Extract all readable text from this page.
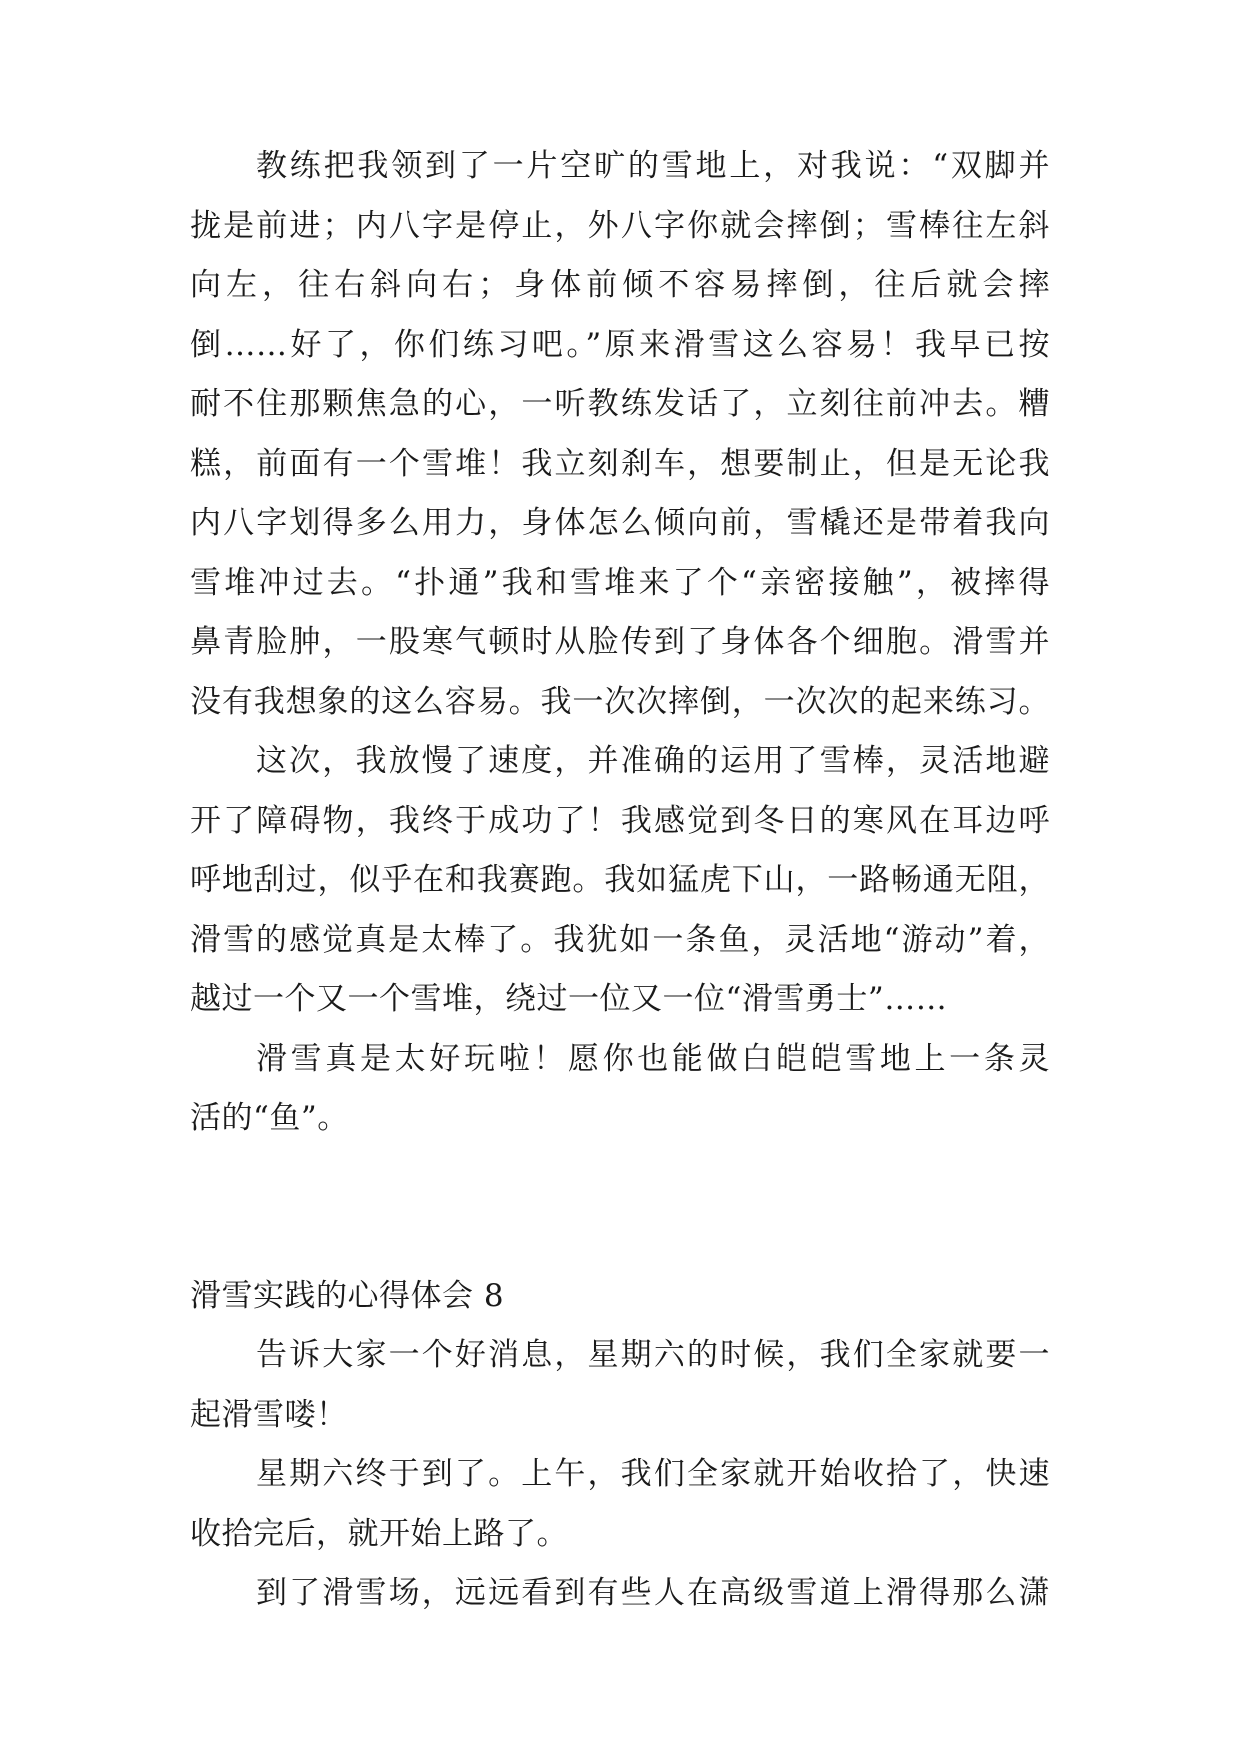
教练把我领到了一片空旷的雪地上，对我说：“双脚并
拢是前进；内八字是停止，外八字你就会摔倒；雪棒往左斜
向左，往右斜向右；身体前倾不容易摔倒，往后就会摔
倒……好了，你们练习吧。”原来滑雪这么容易！我早已按
耐不住那颗焦急的心，一听教练发话了，立刻往前冲去。糟
糕，前面有一个雪堆！我立刻刹车，想要制止，但是无论我
内八字划得多么用力，身体怎么倾向前，雪橇还是带着我向
雪堆冲过去。“扑通”我和雪堆来了个“亲密接触”，被摔得
鼻青脸肿，一股寒气顿时从脸传到了身体各个细胞。滑雪并
没有我想象的这么容易。我一次次摔倒，一次次的起来练习。
这次，我放慢了速度，并准确的运用了雪棒，灵活地避
开了障碍物，我终于成功了！我感觉到冬日的寒风在耳边呼
呼地刮过，似乎在和我赛跑。我如猛虎下山，一路畅通无阻，
滑雪的感觉真是太棒了。我犹如一条鱼，灵活地“游动”着，
越过一个又一个雪堆，绕过一位又一位“滑雪勇士”……
滑雪真是太好玩啦！愿你也能做白皑皑雪地上一条灵
活的“鱼”。
滑雪实践的心得体会 8
告诉大家一个好消息，星期六的时候，我们全家就要一
起滑雪喽！
星期六终于到了。上午，我们全家就开始收拾了，快速
收拾完后，就开始上路了。
到了滑雪场，远远看到有些人在高级雪道上滑得那么潇
